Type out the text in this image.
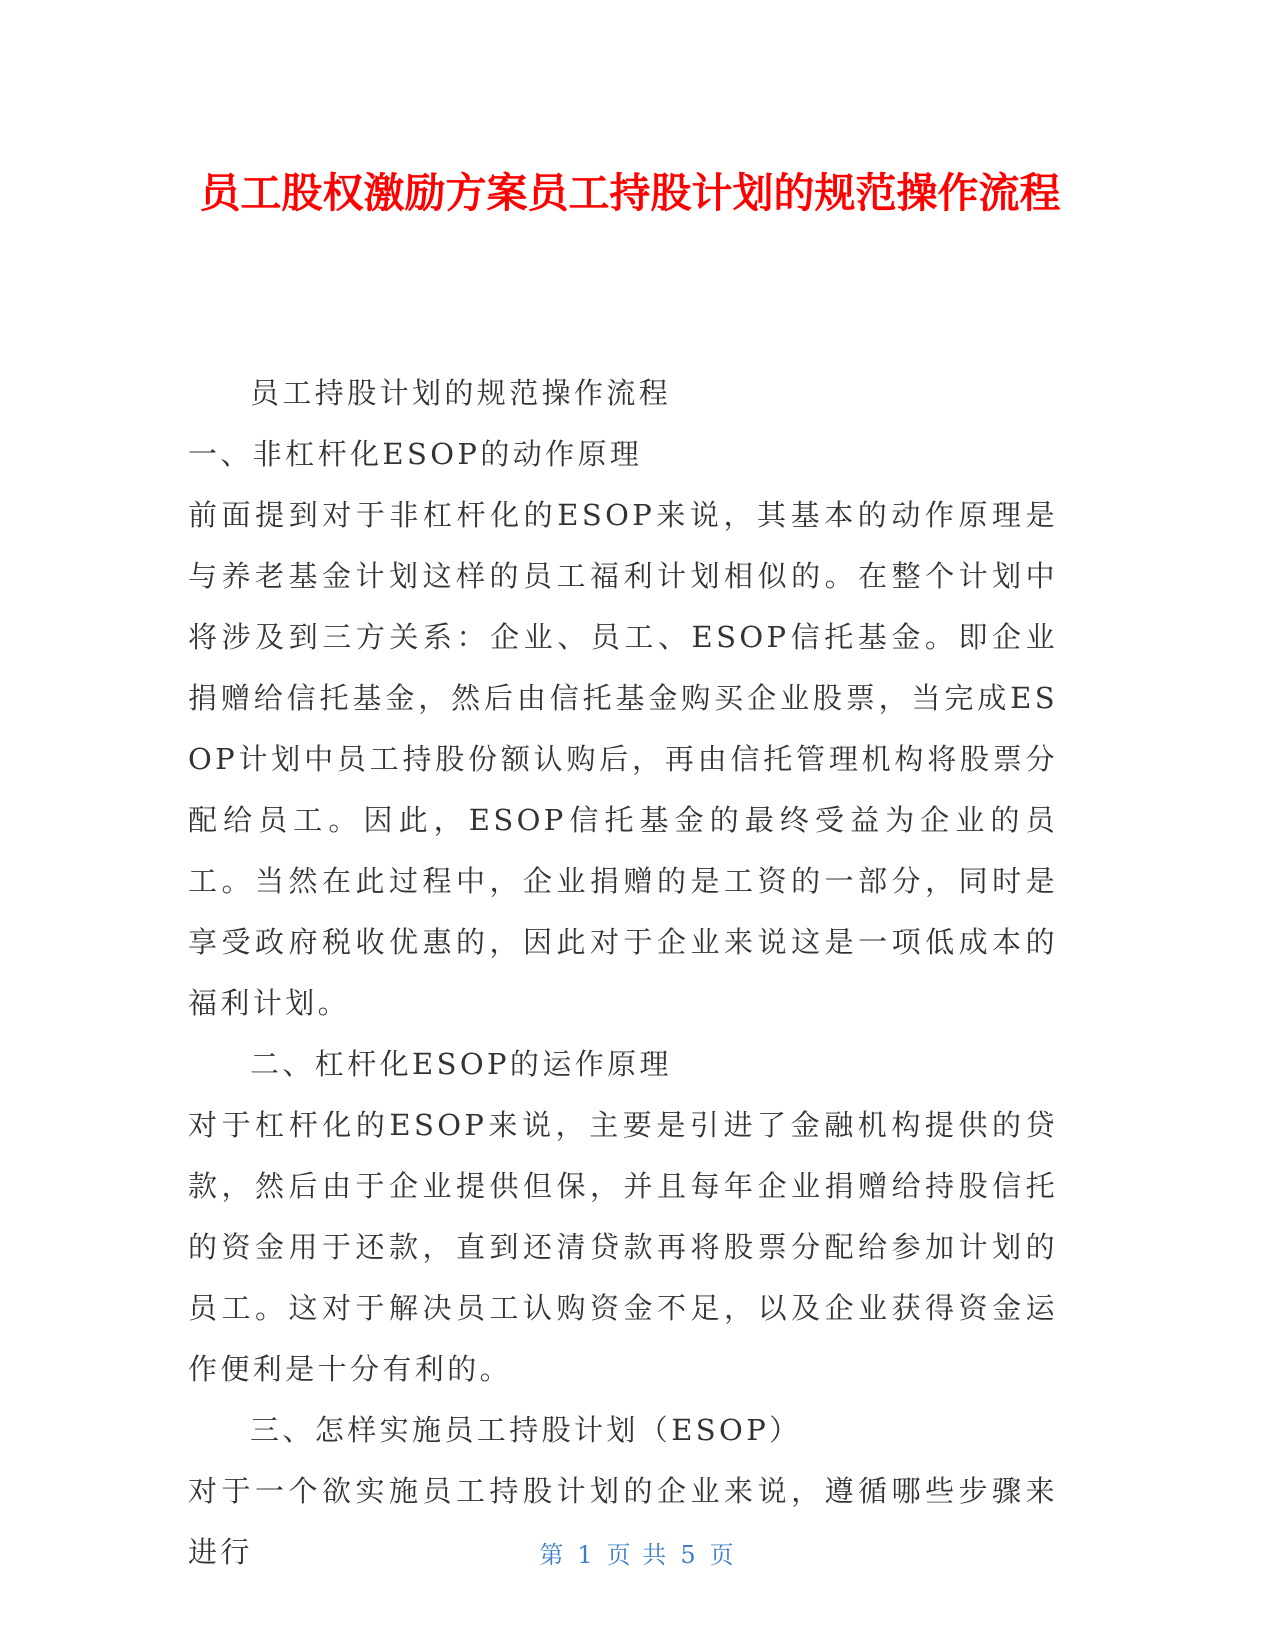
员工股权激励方案员工持股计划的规范操作流程

员工持股计划的规范操作流程

一、非杠杆化ESOP的动作原理

前面提到对于非杠杆化的ESOP来说，其基本的动作原理是与养老基金计划这样的员工福利计划相似的。在整个计划中将涉及到三方关系：企业、员工、ESOP信托基金。即企业捐赠给信托基金，然后由信托基金购买企业股票，当完成ESOP计划中员工持股份额认购后，再由信托管理机构将股票分配给员工。因此，ESOP信托基金的最终受益为企业的员工。当然在此过程中，企业捐赠的是工资的一部分，同时是享受政府税收优惠的，因此对于企业来说这是一项低成本的福利计划。

二、杠杆化ESOP的运作原理

对于杠杆化的ESOP来说，主要是引进了金融机构提供的贷款，然后由于企业提供但保，并且每年企业捐赠给持股信托的资金用于还款，直到还清贷款再将股票分配给参加计划的员工。这对于解决员工认购资金不足，以及企业获得资金运作便利是十分有利的。

三、怎样实施员工持股计划（ESOP）

对于一个欲实施员工持股计划的企业来说，遵循哪些步骤来进行	第 1 页 共 5 页
